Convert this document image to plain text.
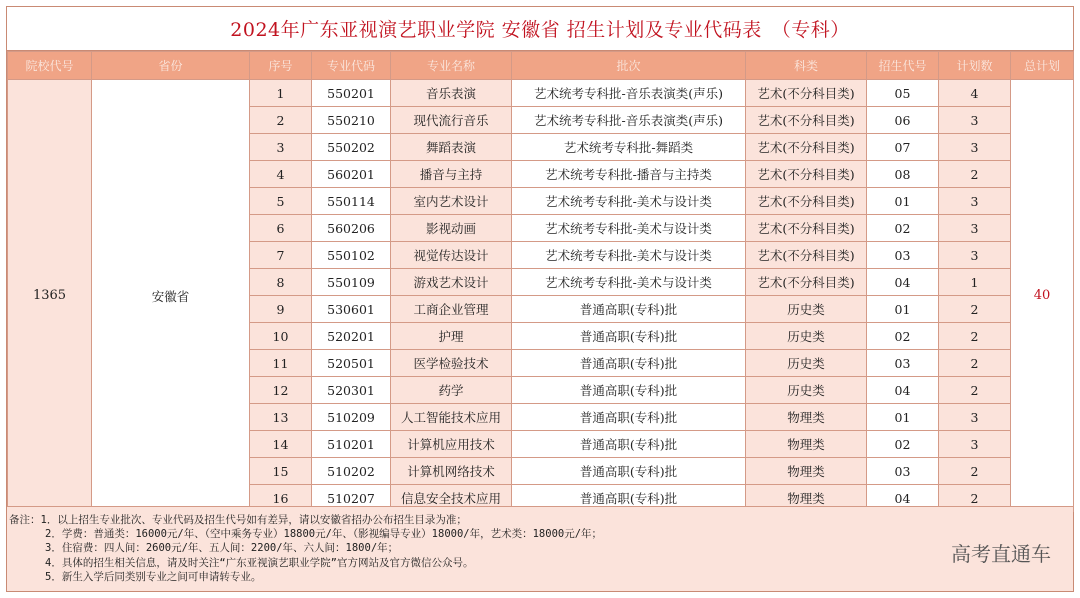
2024年广东亚视演艺职业学院 安徽省 招生计划及专业代码表　（专科）
院校代号	省份	序号	专业代码	专业名称	批次	科类	招生代号	计划数	总计划
1365	安徽省	1	550201	音乐表演	艺术统考专科批-音乐表演类(声乐)	艺术(不分科目类)	05	4	40
		2	550210	现代流行音乐	艺术统考专科批-音乐表演类(声乐)	艺术(不分科目类)	06	3	
		3	550202	舞蹈表演	艺术统考专科批-舞蹈类	艺术(不分科目类)	07	3	
		4	560201	播音与主持	艺术统考专科批-播音与主持类	艺术(不分科目类)	08	2	
		5	550114	室内艺术设计	艺术统考专科批-美术与设计类	艺术(不分科目类)	01	3	
		6	560206	影视动画	艺术统考专科批-美术与设计类	艺术(不分科目类)	02	3	
		7	550102	视觉传达设计	艺术统考专科批-美术与设计类	艺术(不分科目类)	03	3	
		8	550109	游戏艺术设计	艺术统考专科批-美术与设计类	艺术(不分科目类)	04	1	
		9	530601	工商企业管理	普通高职(专科)批	历史类	01	2	
		10	520201	护理	普通高职(专科)批	历史类	02	2	
		11	520501	医学检验技术	普通高职(专科)批	历史类	03	2	
		12	520301	药学	普通高职(专科)批	历史类	04	2	
		13	510209	人工智能技术应用	普通高职(专科)批	物理类	01	3	
		14	510201	计算机应用技术	普通高职(专科)批	物理类	02	3	
		15	510202	计算机网络技术	普通高职(专科)批	物理类	03	2	
		16	510207	信息安全技术应用	普通高职(专科)批	物理类	04	2	
备注：1．以上招生专业批次、专业代码及招生代号如有差异，请以安徽省招办公布招生目录为准；
2．学费：普通类：16000元/年、（空中乘务专业）18800元/年、（影视编导专业）18000/年，艺术类：18000元/年；
3．住宿费：四人间：2600元/年、五人间：2200/年、六人间：1800/年；
4．具体的招生相关信息，请及时关注“广东亚视演艺职业学院”官方网站及官方微信公众号。
5．新生入学后同类别专业之间可申请转专业。
高考直通车
